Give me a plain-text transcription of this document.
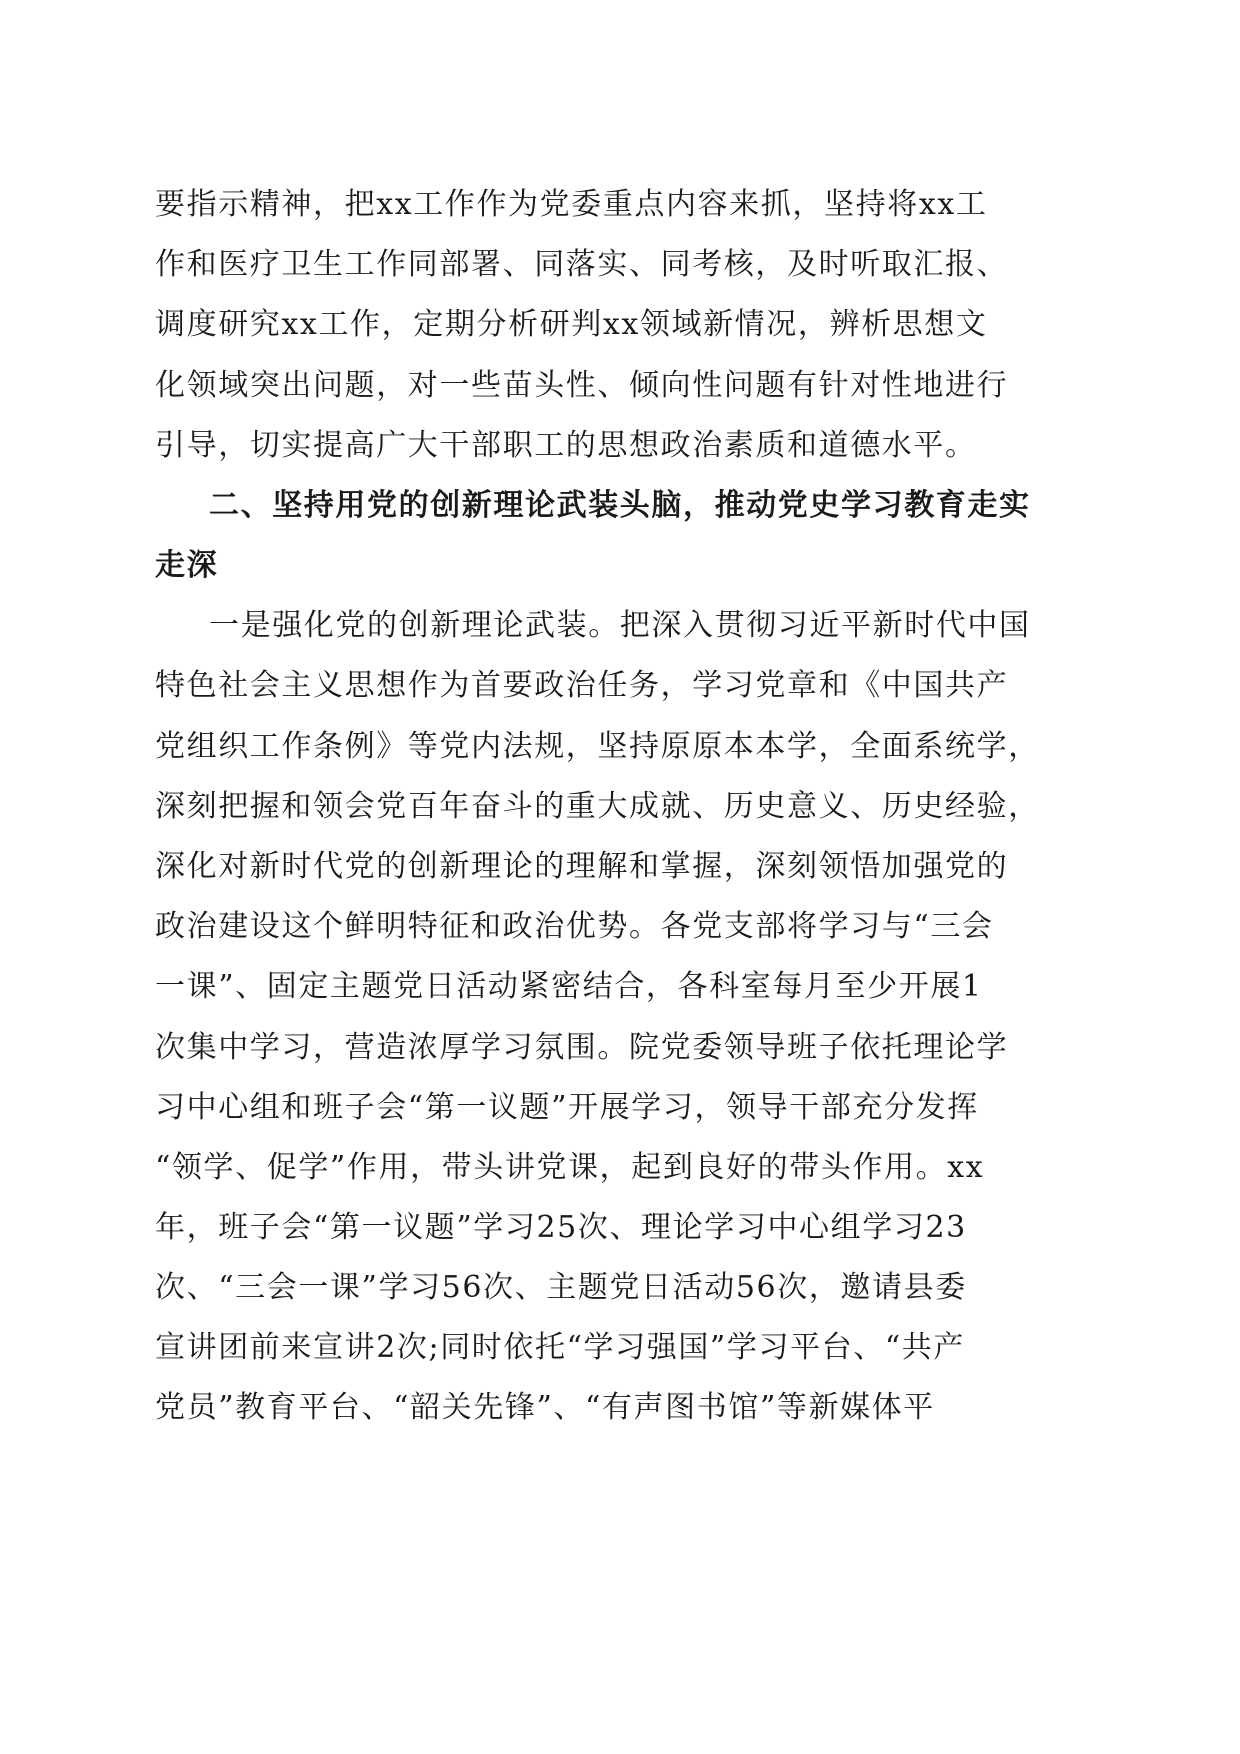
要指示精神，把xx工作作为党委重点内容来抓，坚持将xx工
作和医疗卫生工作同部署、同落实、同考核，及时听取汇报、
调度研究xx工作，定期分析研判xx领域新情况，辨析思想文
化领域突出问题，对一些苗头性、倾向性问题有针对性地进行
引导，切实提高广大干部职工的思想政治素质和道德水平。
二、坚持用党的创新理论武装头脑，推动党史学习教育走实
走深
一是强化党的创新理论武装。把深入贯彻习近平新时代中国
特色社会主义思想作为首要政治任务，学习党章和《中国共产
党组织工作条例》等党内法规，坚持原原本本学，全面系统学，
深刻把握和领会党百年奋斗的重大成就、历史意义、历史经验，
深化对新时代党的创新理论的理解和掌握，深刻领悟加强党的
政治建设这个鲜明特征和政治优势。各党支部将学习与“三会
一课”、固定主题党日活动紧密结合，各科室每月至少开展1
次集中学习，营造浓厚学习氛围。院党委领导班子依托理论学
习中心组和班子会“第一议题”开展学习，领导干部充分发挥
“领学、促学”作用，带头讲党课，起到良好的带头作用。xx
年，班子会“第一议题”学习25次、理论学习中心组学习23
次、“三会一课”学习56次、主题党日活动56次，邀请县委
宣讲团前来宣讲2次;同时依托“学习强国”学习平台、“共产
党员”教育平台、“韶关先锋”、“有声图书馆”等新媒体平
